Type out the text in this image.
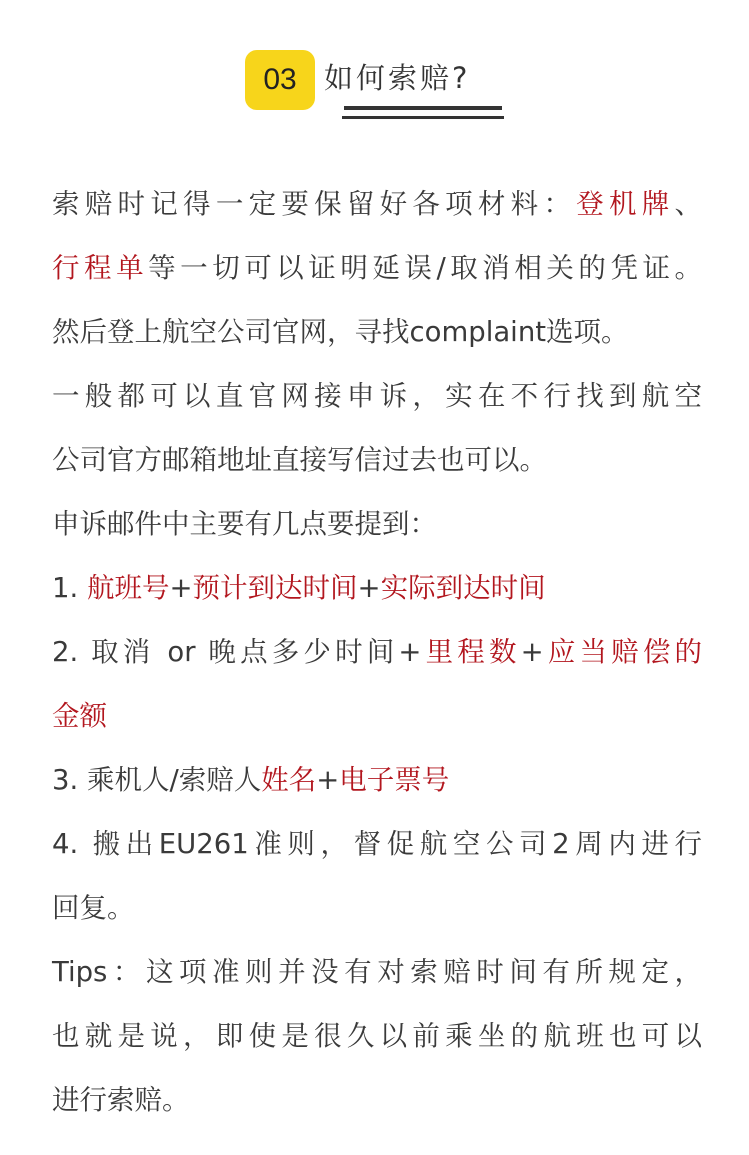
03 如何索赔?
索赔时记得一定要保留好各项材料：登机牌、
行程单等一切可以证明延误/取消相关的凭证。
然后登上航空公司官网，寻找complaint选项。
一般都可以直官网接申诉，实在不行找到航空
公司官方邮箱地址直接写信过去也可以。
申诉邮件中主要有几点要提到：
1. 航班号+预计到达时间+实际到达时间
2. 取消 or 晚点多少时间+里程数+应当赔偿的
金额
3. 乘机人/索赔人姓名+电子票号
4. 搬出EU261准则，督促航空公司2周内进行
回复。
Tips：这项准则并没有对索赔时间有所规定，
也就是说，即使是很久以前乘坐的航班也可以
进行索赔。
